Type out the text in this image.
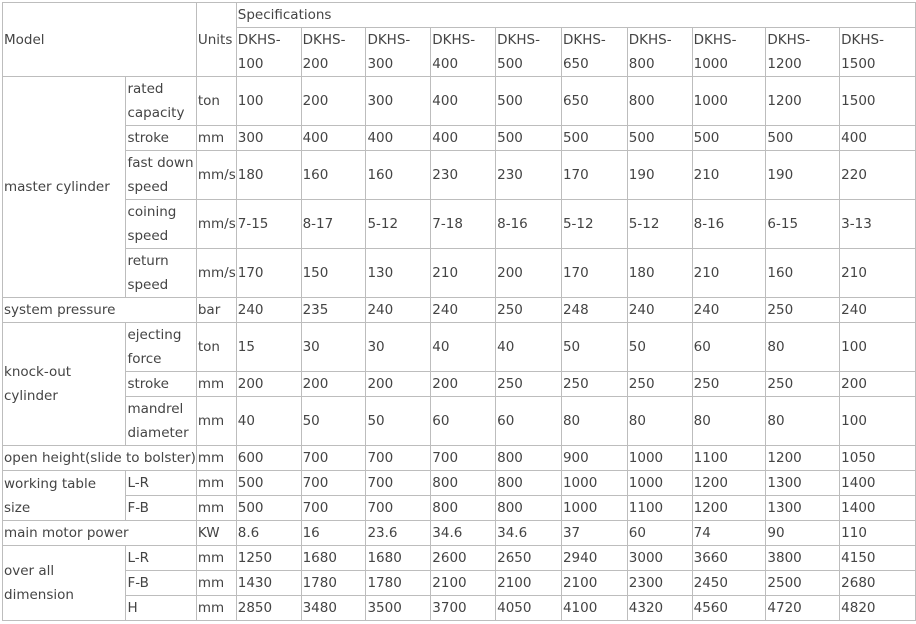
Model		Units	Specifications									
			DKHS-100	DKHS-200	DKHS-300	DKHS-400	DKHS-500	DKHS-650	DKHS-800	DKHS-1000	DKHS-1200	DKHS-1500

master cylinder	rated capacity	ton	100	200	300	400	500	650	800	1000	1200	1500
	stroke	mm	300	400	400	400	500	500	500	500	500	400
	fast down speed	mm/s	180	160	160	230	230	170	190	210	190	220
	coining speed	mm/s	7-15	8-17	5-12	7-18	8-16	5-12	5-12	8-16	6-15	3-13
	return speed	mm/s	170	150	130	210	200	170	180	210	160	210
system pressure		bar	240	235	240	240	250	248	240	240	250	240
knock-out cylinder	ejecting force	ton	15	30	30	40	40	50	50	60	80	100
	stroke	mm	200	200	200	200	250	250	250	250	250	200
	mandrel diameter	mm	40	50	50	60	60	80	80	80	80	100
open height(slide to bolster)		mm	600	700	700	700	800	900	1000	1100	1200	1050
working table size	L-R	mm	500	700	700	800	800	1000	1000	1200	1300	1400
	F-B	mm	500	700	700	800	800	1000	1100	1200	1300	1400
main motor power		KW	8.6	16	23.6	34.6	34.6	37	60	74	90	110
over all dimension	L-R	mm	1250	1680	1680	2600	2650	2940	3000	3660	3800	4150
	F-B	mm	1430	1780	1780	2100	2100	2100	2300	2450	2500	2680
	H	mm	2850	3480	3500	3700	4050	4100	4320	4560	4720	4820
